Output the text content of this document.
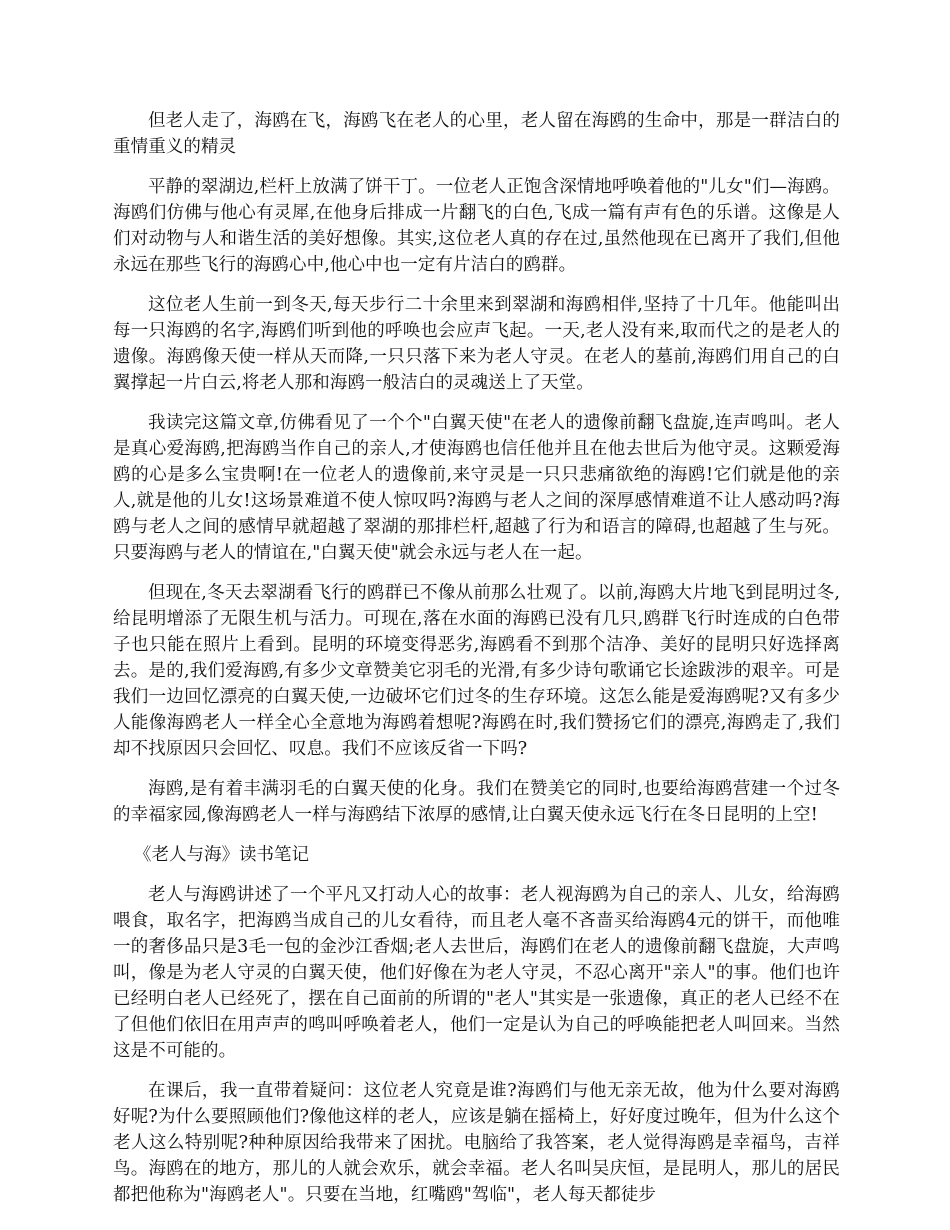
但老人走了，海鸥在飞，海鸥飞在老人的心里，老人留在海鸥的生命中，那是一群洁白的重情重义的精灵

平静的翠湖边,栏杆上放满了饼干丁。一位老人正饱含深情地呼唤着他的"儿女"们—海鸥。海鸥们仿佛与他心有灵犀,在他身后排成一片翻飞的白色,飞成一篇有声有色的乐谱。这像是人们对动物与人和谐生活的美好想像。其实,这位老人真的存在过,虽然他现在已离开了我们,但他永远在那些飞行的海鸥心中,他心中也一定有片洁白的鸥群。

这位老人生前一到冬天,每天步行二十余里来到翠湖和海鸥相伴,坚持了十几年。他能叫出每一只海鸥的名字,海鸥们听到他的呼唤也会应声飞起。一天,老人没有来,取而代之的是老人的遗像。海鸥像天使一样从天而降,一只只落下来为老人守灵。在老人的墓前,海鸥们用自己的白翼撑起一片白云,将老人那和海鸥一般洁白的灵魂送上了天堂。

我读完这篇文章,仿佛看见了一个个"白翼天使"在老人的遗像前翻飞盘旋,连声鸣叫。老人是真心爱海鸥,把海鸥当作自己的亲人,才使海鸥也信任他并且在他去世后为他守灵。这颗爱海鸥的心是多么宝贵啊!在一位老人的遗像前,来守灵是一只只悲痛欲绝的海鸥!它们就是他的亲人,就是他的儿女!这场景难道不使人惊叹吗?海鸥与老人之间的深厚感情难道不让人感动吗?海鸥与老人之间的感情早就超越了翠湖的那排栏杆,超越了行为和语言的障碍,也超越了生与死。只要海鸥与老人的情谊在,"白翼天使"就会永远与老人在一起。

但现在,冬天去翠湖看飞行的鸥群已不像从前那么壮观了。以前,海鸥大片地飞到昆明过冬,给昆明增添了无限生机与活力。可现在,落在水面的海鸥已没有几只,鸥群飞行时连成的白色带子也只能在照片上看到。昆明的环境变得恶劣,海鸥看不到那个洁净、美好的昆明只好选择离去。是的,我们爱海鸥,有多少文章赞美它羽毛的光滑,有多少诗句歌诵它长途跋涉的艰辛。可是我们一边回忆漂亮的白翼天使,一边破坏它们过冬的生存环境。这怎么能是爱海鸥呢?又有多少人能像海鸥老人一样全心全意地为海鸥着想呢?海鸥在时,我们赞扬它们的漂亮,海鸥走了,我们却不找原因只会回忆、叹息。我们不应该反省一下吗?

海鸥,是有着丰满羽毛的白翼天使的化身。我们在赞美它的同时,也要给海鸥营建一个过冬的幸福家园,像海鸥老人一样与海鸥结下浓厚的感情,让白翼天使永远飞行在冬日昆明的上空!

《老人与海》读书笔记

老人与海鸥讲述了一个平凡又打动人心的故事：老人视海鸥为自己的亲人、儿女，给海鸥喂食，取名字，把海鸥当成自己的儿女看待，而且老人毫不吝啬买给海鸥4元的饼干，而他唯一的奢侈品只是3毛一包的金沙江香烟;老人去世后，海鸥们在老人的遗像前翻飞盘旋，大声鸣叫，像是为老人守灵的白翼天使，他们好像在为老人守灵，不忍心离开"亲人"的事。他们也许已经明白老人已经死了，摆在自己面前的所谓的"老人"其实是一张遗像，真正的老人已经不在了但他们依旧在用声声的鸣叫呼唤着老人，他们一定是认为自己的呼唤能把老人叫回来。当然这是不可能的。

在课后，我一直带着疑问：这位老人究竟是谁?海鸥们与他无亲无故，他为什么要对海鸥好呢?为什么要照顾他们?像他这样的老人，应该是躺在摇椅上，好好度过晚年，但为什么这个老人这么特别呢?种种原因给我带来了困扰。电脑给了我答案，老人觉得海鸥是幸福鸟，吉祥鸟。海鸥在的地方，那儿的人就会欢乐，就会幸福。老人名叫吴庆恒，是昆明人，那儿的居民都把他称为"海鸥老人"。只要在当地，红嘴鸥"驾临"，老人每天都徒步
